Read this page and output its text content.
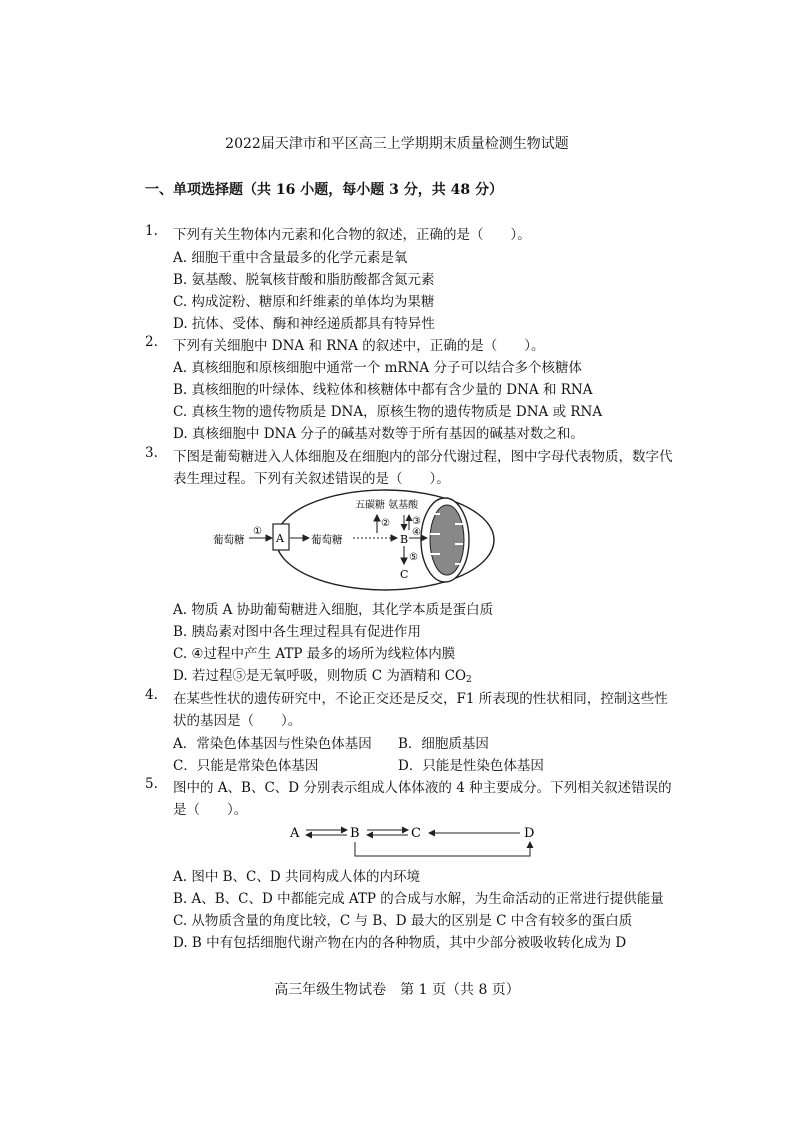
2022届天津市和平区高三上学期期末质量检测生物试题
一、单项选择题（共 16 小题，每小题 3 分，共 48 分）
1. 下列有关生物体内元素和化合物的叙述，正确的是（　　）。
A. 细胞干重中含量最多的化学元素是氧
B. 氨基酸、脱氧核苷酸和脂肪酸都含氮元素
C. 构成淀粉、糖原和纤维素的单体均为果糖
D. 抗体、受体、酶和神经递质都具有特异性
2. 下列有关细胞中 DNA 和 RNA 的叙述中，正确的是（　　）。
A. 真核细胞和原核细胞中通常一个 mRNA 分子可以结合多个核糖体
B. 真核细胞的叶绿体、线粒体和核糖体中都有含少量的 DNA 和 RNA
C. 真核生物的遗传物质是 DNA，原核生物的遗传物质是 DNA 或 RNA
D. 真核细胞中 DNA 分子的碱基对数等于所有基因的碱基对数之和。
3. 下图是葡萄糖进入人体细胞及在细胞内的部分代谢过程，图中字母代表物质，数字代
表生理过程。下列有关叙述错误的是（　　）。
A
葡萄糖
①
葡萄糖	B
五碳糖 氨基酸
② ③
④
⑤
C
A. 物质 A 协助葡萄糖进入细胞，其化学本质是蛋白质
B. 胰岛素对图中各生理过程具有促进作用
C. ④过程中产生 ATP 最多的场所为线粒体内膜
D. 若过程⑤是无氧呼吸，则物质 C 为酒精和 $CO_2$
4. 在某些性状的遗传研究中，不论正交还是反交，F1 所表现的性状相同，控制这些性
状的基因是（　　）。
A．常染色体基因与性染色体基因 B．细胞质基因
C．只能是常染色体基因	D．只能是性染色体基因
5. 图中的 A、B、C、D 分别表示组成人体体液的 4 种主要成分。下列相关叙述错误的
是（　　）。
A	B	C	D
A. 图中 B、C、D 共同构成人体的内环境
B. A、B、C、D 中都能完成 ATP 的合成与水解，为生命活动的正常进行提供能量
C. 从物质含量的角度比较，C 与 B、D 最大的区别是 C 中含有较多的蛋白质
D. B 中有包括细胞代谢产物在内的各种物质，其中少部分被吸收转化成为 D
高三年级生物试卷　第 1 页（共 8 页）
